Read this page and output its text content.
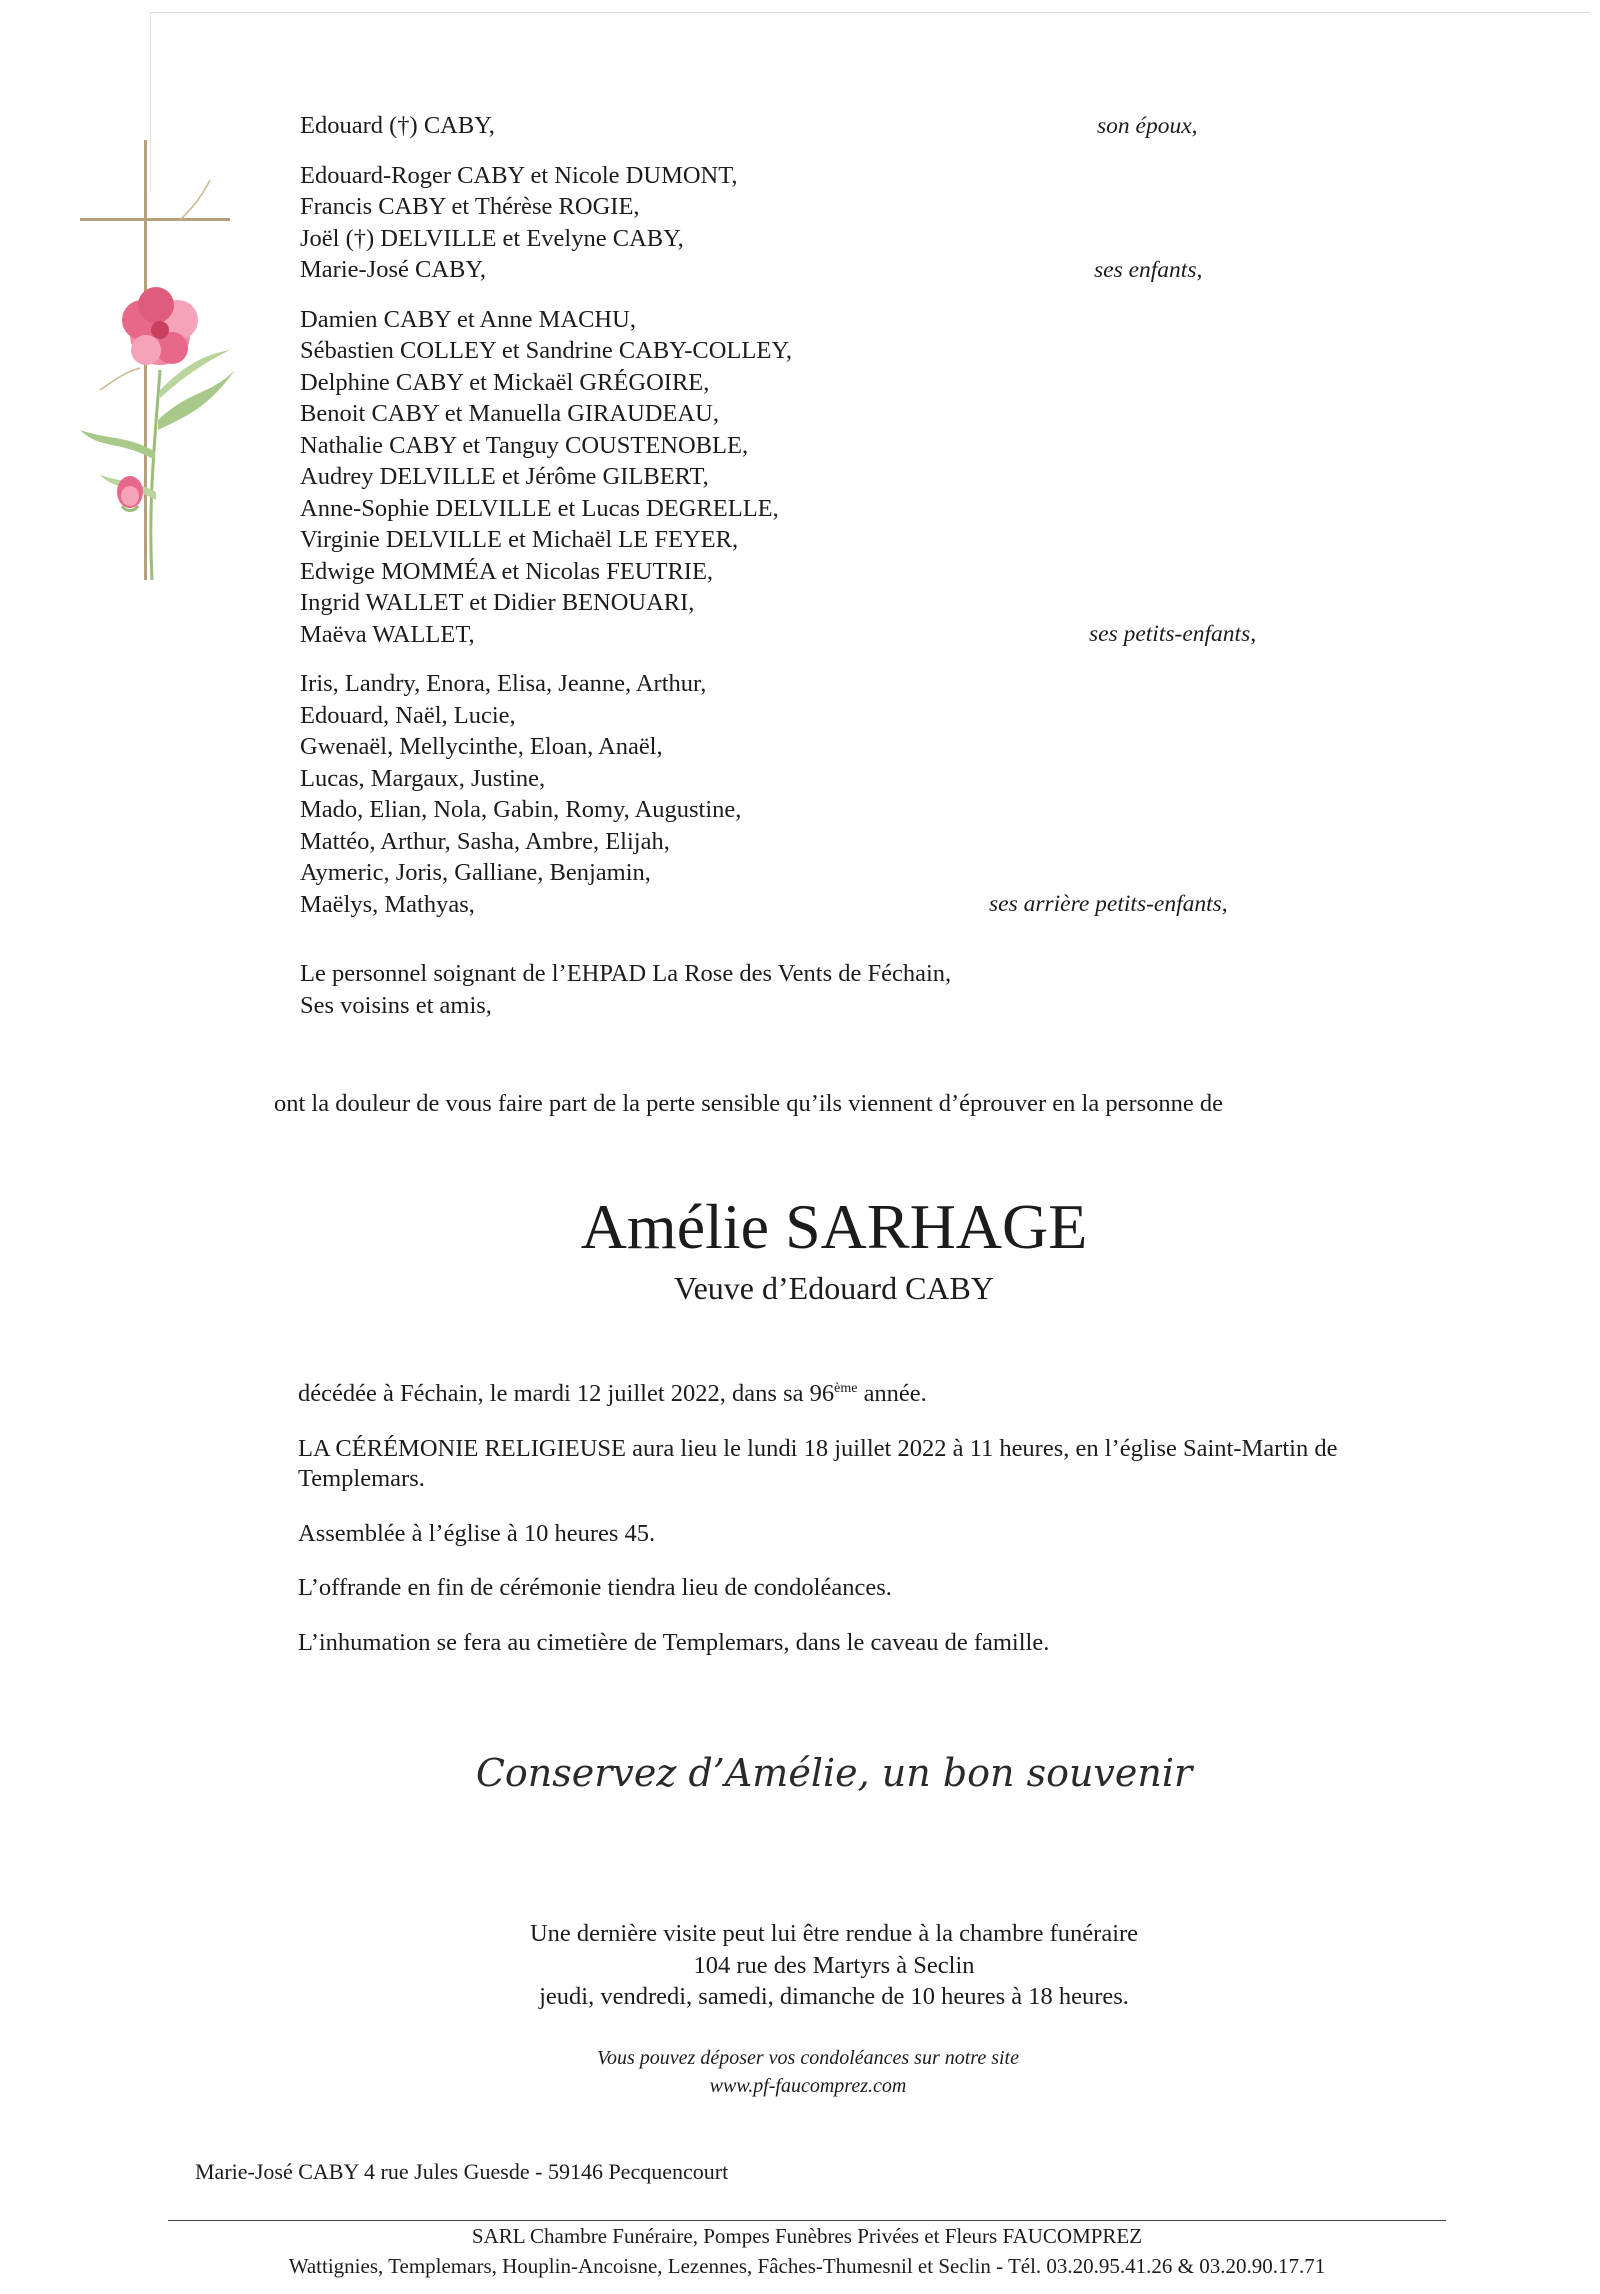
Edouard (†) CABY,	son époux,
Edouard-Roger CABY et Nicole DUMONT,
Francis CABY et Thérèse ROGIE,
Joël (†) DELVILLE et Evelyne CABY,
Marie-José CABY,	ses enfants,
Damien CABY et Anne MACHU,
Sébastien COLLEY et Sandrine CABY-COLLEY,
Delphine CABY et Mickaël GRÉGOIRE,
Benoit CABY et Manuella GIRAUDEAU,
Nathalie CABY et Tanguy COUSTENOBLE,
Audrey DELVILLE et Jérôme GILBERT,
Anne-Sophie DELVILLE et Lucas DEGRELLE,
Virginie DELVILLE et Michaël LE FEYER,
Edwige MOMMÉA et Nicolas FEUTRIE,
Ingrid WALLET et Didier BENOUARI,
Maëva WALLET,	ses petits-enfants,
Iris, Landry, Enora, Elisa, Jeanne, Arthur,
Edouard, Naël, Lucie,
Gwenaël, Mellycinthe, Eloan, Anaël,
Lucas, Margaux, Justine,
Mado, Elian, Nola, Gabin, Romy, Augustine,
Mattéo, Arthur, Sasha, Ambre, Elijah,
Aymeric, Joris, Galliane, Benjamin,
Maëlys, Mathyas,	ses arrière petits-enfants,
Le personnel soignant de l’EHPAD La Rose des Vents de Féchain,
Ses voisins et amis,
ont la douleur de vous faire part de la perte sensible qu’ils viennent d’éprouver en la personne de
Amélie SARHAGE
Veuve d’Edouard CABY
décédée à Féchain, le mardi 12 juillet 2022, dans sa 96ème année.
LA CÉRÉMONIE RELIGIEUSE aura lieu le lundi 18 juillet 2022 à 11 heures, en l’église Saint-Martin de Templemars.
Assemblée à l’église à 10 heures 45.
L’offrande en fin de cérémonie tiendra lieu de condoléances.
L’inhumation se fera au cimetière de Templemars, dans le caveau de famille.
Conservez d’Amélie, un bon souvenir
Une dernière visite peut lui être rendue à la chambre funéraire
104 rue des Martyrs à Seclin
jeudi, vendredi, samedi, dimanche de 10 heures à 18 heures.
Vous pouvez déposer vos condoléances sur notre site
www.pf-faucomprez.com
Marie-José CABY 4 rue Jules Guesde - 59146 Pecquencourt
SARL Chambre Funéraire, Pompes Funèbres Privées et Fleurs FAUCOMPREZ
Wattignies, Templemars, Houplin-Ancoisne, Lezennes, Fâches-Thumesnil et Seclin - Tél. 03.20.95.41.26 & 03.20.90.17.71
